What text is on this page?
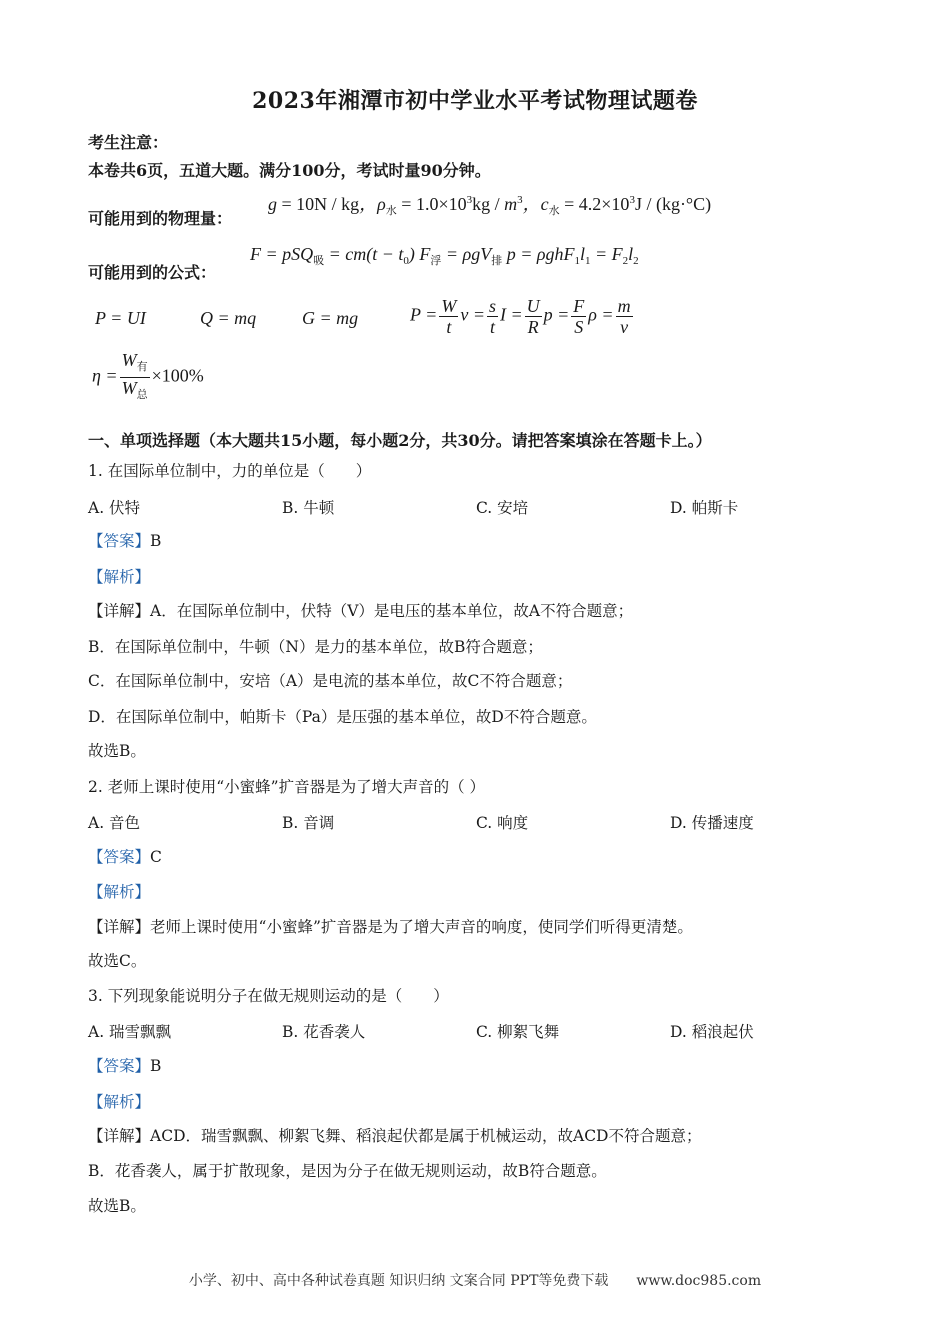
2023年湘潭市初中学业水平考试物理试题卷
考生注意：
本卷共6页，五道大题。满分100分，考试时量90分钟。
可能用到的物理量：
g = 10N / kg，$\rho_水 = 1.0\times 10^3kg / m^3$，$c_水 = 4.2\times 10^3J / (kg\cdot^\circ C)$
可能用到的公式：
$F = pSQ_吸 = cm(t - t_0)$ $F_浮 = \rho gV_排$ $p = \rho ghF_1l_1 = F_2l_2$
P = UI	Q = mq	G = mg	$P = \frac{W}{t}$ $v = \frac{s}{t}$ $I = \frac{U}{R}$ $p = \frac{F}{S}$ $\rho = \frac{m}{v}$
$\eta = \frac{W_有}{W_总} \times 100\%$
一、单项选择题（本大题共15小题，每小题2分，共30分。请把答案填涂在答题卡上。）
1. 在国际单位制中，力的单位是（　　）
A. 伏特	B. 牛顿	C. 安培	D. 帕斯卡
【答案】B
【解析】
【详解】A．在国际单位制中，伏特（V）是电压的基本单位，故A不符合题意；
B．在国际单位制中，牛顿（N）是力的基本单位，故B符合题意；
C．在国际单位制中，安培（A）是电流的基本单位，故C不符合题意；
D．在国际单位制中，帕斯卡（Pa）是压强的基本单位，故D不符合题意。
故选B。
2. 老师上课时使用“小蜜蜂”扩音器是为了增大声音的（ ）
A. 音色	B. 音调	C. 响度	D. 传播速度
【答案】C
【解析】
【详解】老师上课时使用“小蜜蜂”扩音器是为了增大声音的响度，使同学们听得更清楚。
故选C。
3. 下列现象能说明分子在做无规则运动的是（　　）
A. 瑞雪飘飘	B. 花香袭人	C. 柳絮飞舞	D. 稻浪起伏
【答案】B
【解析】
【详解】ACD．瑞雪飘飘、柳絮飞舞、稻浪起伏都是属于机械运动，故ACD不符合题意；
B．花香袭人，属于扩散现象，是因为分子在做无规则运动，故B符合题意。
故选B。
小学、初中、高中各种试卷真题 知识归纳 文案合同 PPT等免费下载　　www.doc985.com
